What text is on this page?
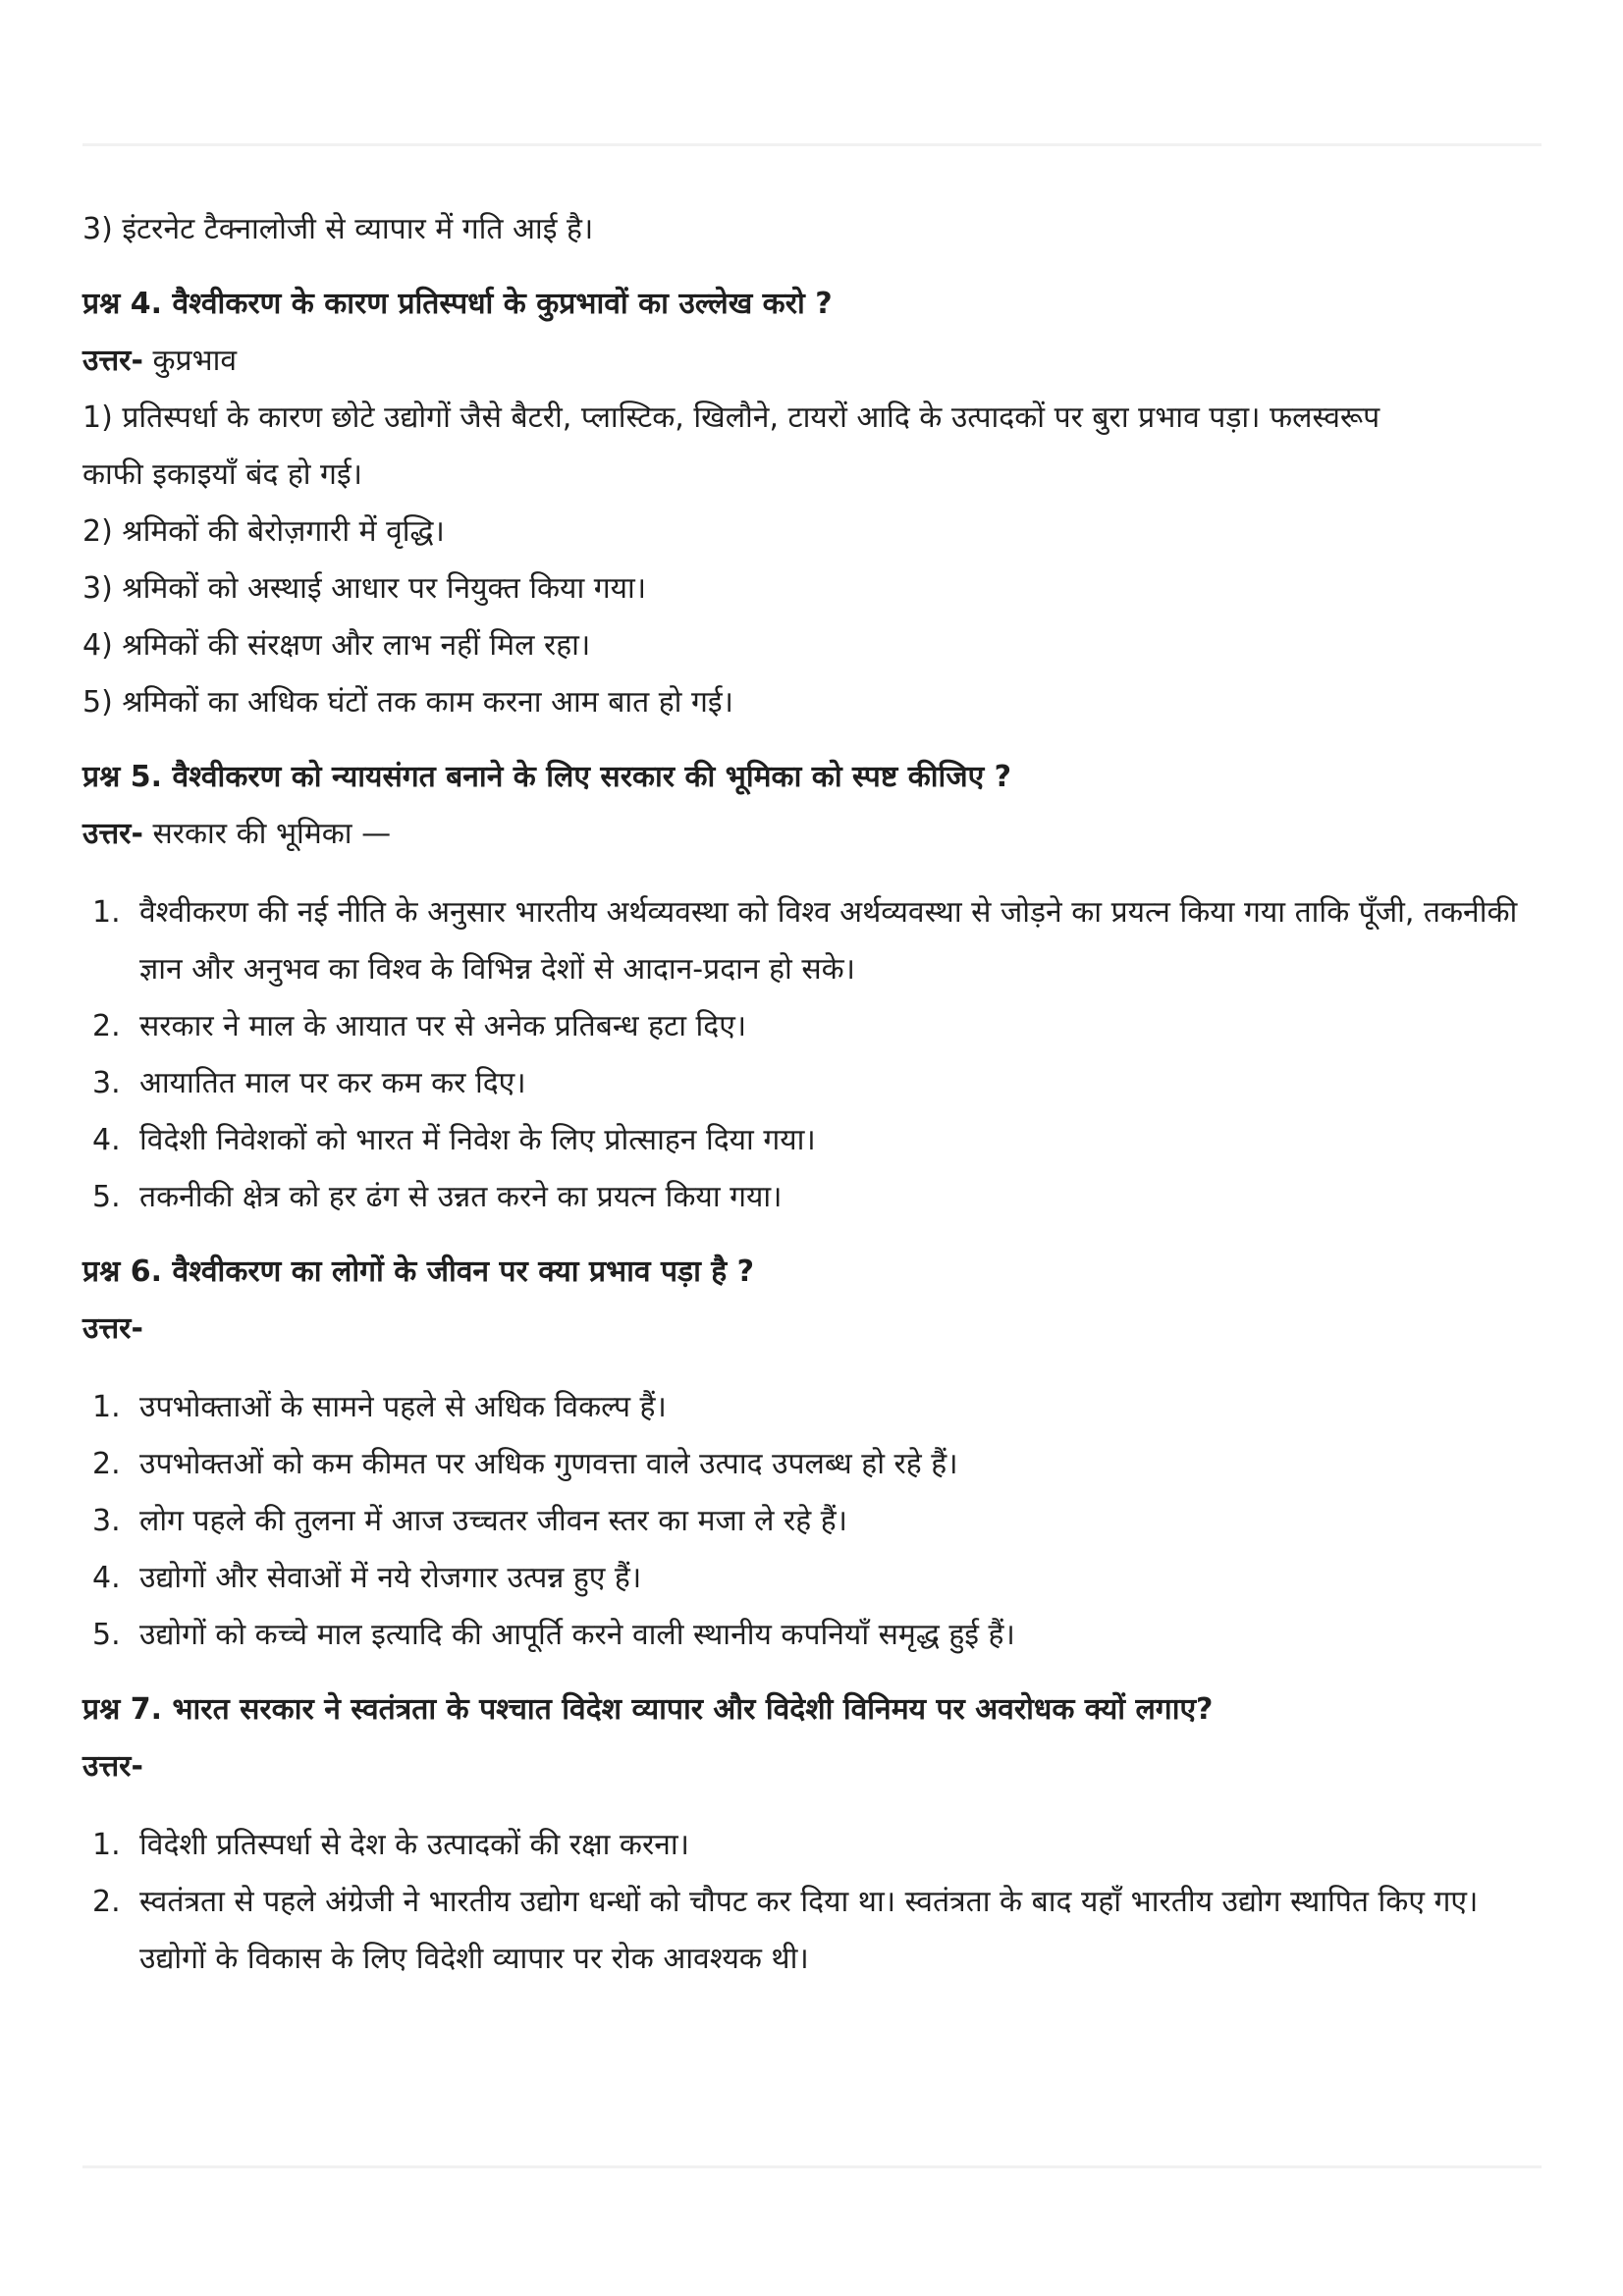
3) इंटरनेट टैक्नालोजी से व्यापार में गति आई है।

प्रश्न 4. वैश्वीकरण के कारण प्रतिस्पर्धा के कुप्रभावों का उल्लेख करो ?

उत्तर- कुप्रभाव

1) प्रतिस्पर्धा के कारण छोटे उद्योगों जैसे बैटरी, प्लास्टिक, खिलौने, टायरों आदि के उत्पादकों पर बुरा प्रभाव पड़ा। फलस्वरूप

काफी इकाइयाँ बंद हो गई।

2) श्रमिकों की बेरोज़गारी में वृद्धि।

3) श्रमिकों को अस्थाई आधार पर नियुक्त किया गया।

4) श्रमिकों की संरक्षण और लाभ नहीं मिल रहा।

5) श्रमिकों का अधिक घंटों तक काम करना आम बात हो गई।

प्रश्न 5. वैश्वीकरण को न्यायसंगत बनाने के लिए सरकार की भूमिका को स्पष्ट कीजिए ?

उत्तर- सरकार की भूमिका —

1. वैश्वीकरण की नई नीति के अनुसार भारतीय अर्थव्यवस्था को विश्व अर्थव्यवस्था से जोड़ने का प्रयत्न किया गया ताकि पूँजी, तकनीकी ज्ञान और अनुभव का विश्व के विभिन्न देशों से आदान-प्रदान हो सके।
2. सरकार ने माल के आयात पर से अनेक प्रतिबन्ध हटा दिए।
3. आयातित माल पर कर कम कर दिए।
4. विदेशी निवेशकों को भारत में निवेश के लिए प्रोत्साहन दिया गया।
5. तकनीकी क्षेत्र को हर ढंग से उन्नत करने का प्रयत्न किया गया।

प्रश्न 6. वैश्वीकरण का लोगों के जीवन पर क्या प्रभाव पड़ा है ?

उत्तर-

1. उपभोक्ताओं के सामने पहले से अधिक विकल्प हैं।
2. उपभोक्तओं को कम कीमत पर अधिक गुणवत्ता वाले उत्पाद उपलब्ध हो रहे हैं।
3. लोग पहले की तुलना में आज उच्चतर जीवन स्तर का मजा ले रहे हैं।
4. उद्योगों और सेवाओं में नये रोजगार उत्पन्न हुए हैं।
5. उद्योगों को कच्चे माल इत्यादि की आपूर्ति करने वाली स्थानीय कपनियाँ समृद्ध हुई हैं।

प्रश्न 7. भारत सरकार ने स्वतंत्रता के पश्चात विदेश व्यापार और विदेशी विनिमय पर अवरोधक क्यों लगाए?

उत्तर-

1. विदेशी प्रतिस्पर्धा से देश के उत्पादकों की रक्षा करना।
2. स्वतंत्रता से पहले अंग्रेजी ने भारतीय उद्योग धन्धों को चौपट कर दिया था। स्वतंत्रता के बाद यहाँ भारतीय उद्योग स्थापित किए गए। उद्योगों के विकास के लिए विदेशी व्यापार पर रोक आवश्यक थी।
